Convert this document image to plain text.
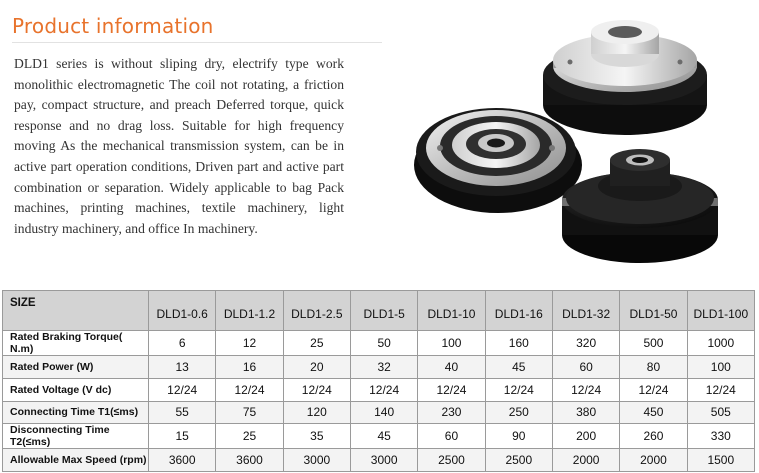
Product information
DLD1 series is without sliping dry, electrify type work monolithic electromagnetic The coil not rotating, a friction pay, compact structure, and preach Deferred torque, quick response and no drag loss. Suitable for high frequency moving As the mechanical transmission system, can be in active part operation conditions, Driven part and active part combination or separation. Widely applicable to bag Pack machines, printing machines, textile machinery, light industry machinery, and office In machinery.
SIZE	DLD1-0.6	DLD1-1.2	DLD1-2.5	DLD1-5	DLD1-10	DLD1-16	DLD1-32	DLD1-50	DLD1-100
Rated Braking Torque( N.m)	6	12	25	50	100	160	320	500	1000
Rated Power (W)	13	16	20	32	40	45	60	80	100
Rated Voltage (V dc)	12/24	12/24	12/24	12/24	12/24	12/24	12/24	12/24	12/24
Connecting Time T1(≤ms)	55	75	120	140	230	250	380	450	505
Disconnecting Time T2(≤ms)	15	25	35	45	60	90	200	260	330
Allowable Max Speed (rpm)	3600	3600	3000	3000	2500	2500	2000	2000	1500
